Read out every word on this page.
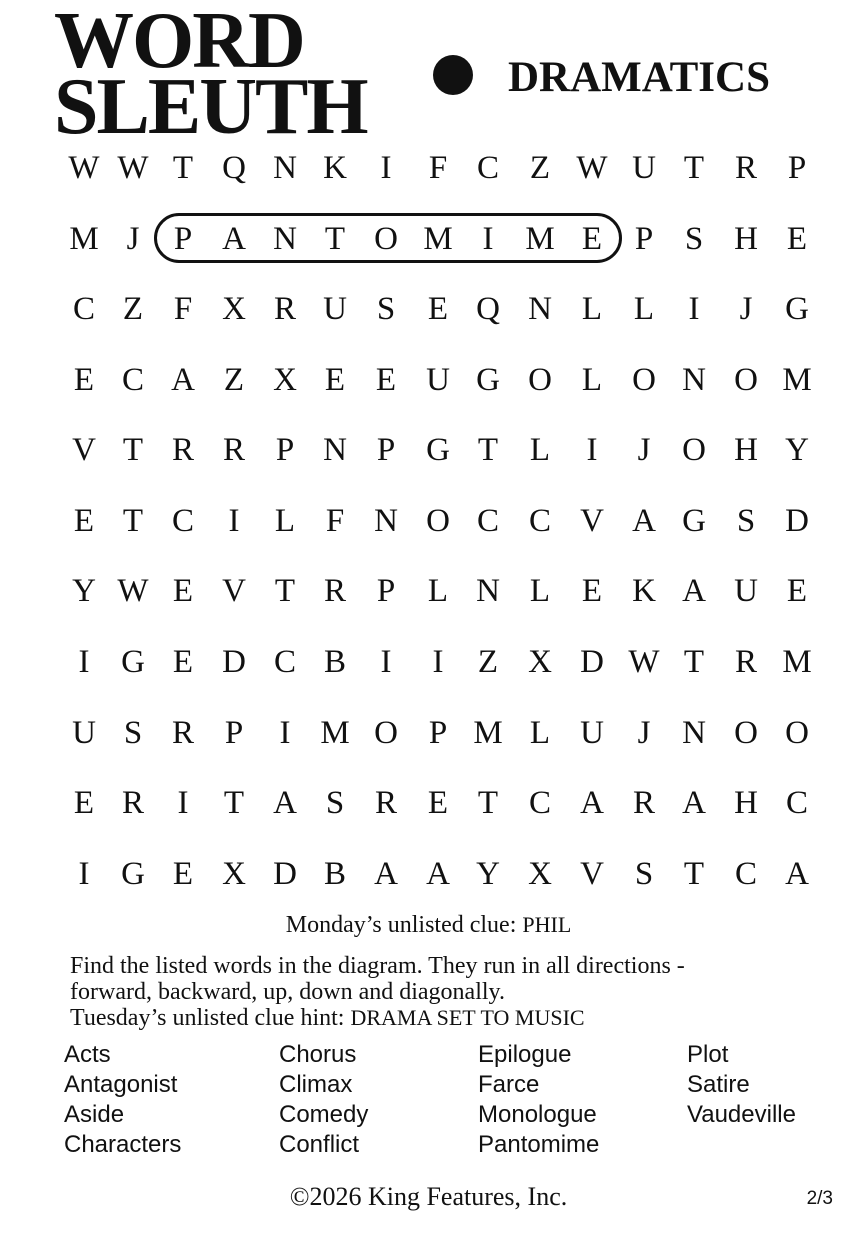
WORD
SLEUTH	DRAMATICS
W W T Q N K	I	F C Z W U T R P
M J	P A N T O M I M E P S H E
C Z F X R U S E Q N L L	I	J G
E C A Z X E E U G O L O N O M
V T R R P N P G T L	I	J O H Y
E T C	I	L F N O C C V A G S D
Y W E V T R P L N L E K A U E
I G E D C B	I	I	Z X D W T R M
U S R P	I M O P M L U	J N O O
E R	I	T A S R E T C A R A H C
I G E X D B A A Y X V S T C A
Monday’s unlisted clue: PHIL
Find the listed words in the diagram. They run in all directions -
forward, backward, up, down and diagonally.
Tuesday’s unlisted clue hint: DRAMA SET TO MUSIC
Acts
Antagonist
Aside
Characters
Chorus
Climax
Comedy
Conflict
Epilogue
Farce
Monologue
Pantomime
Plot
Satire
Vaudeville
©2026 King Features, Inc.	2/3
